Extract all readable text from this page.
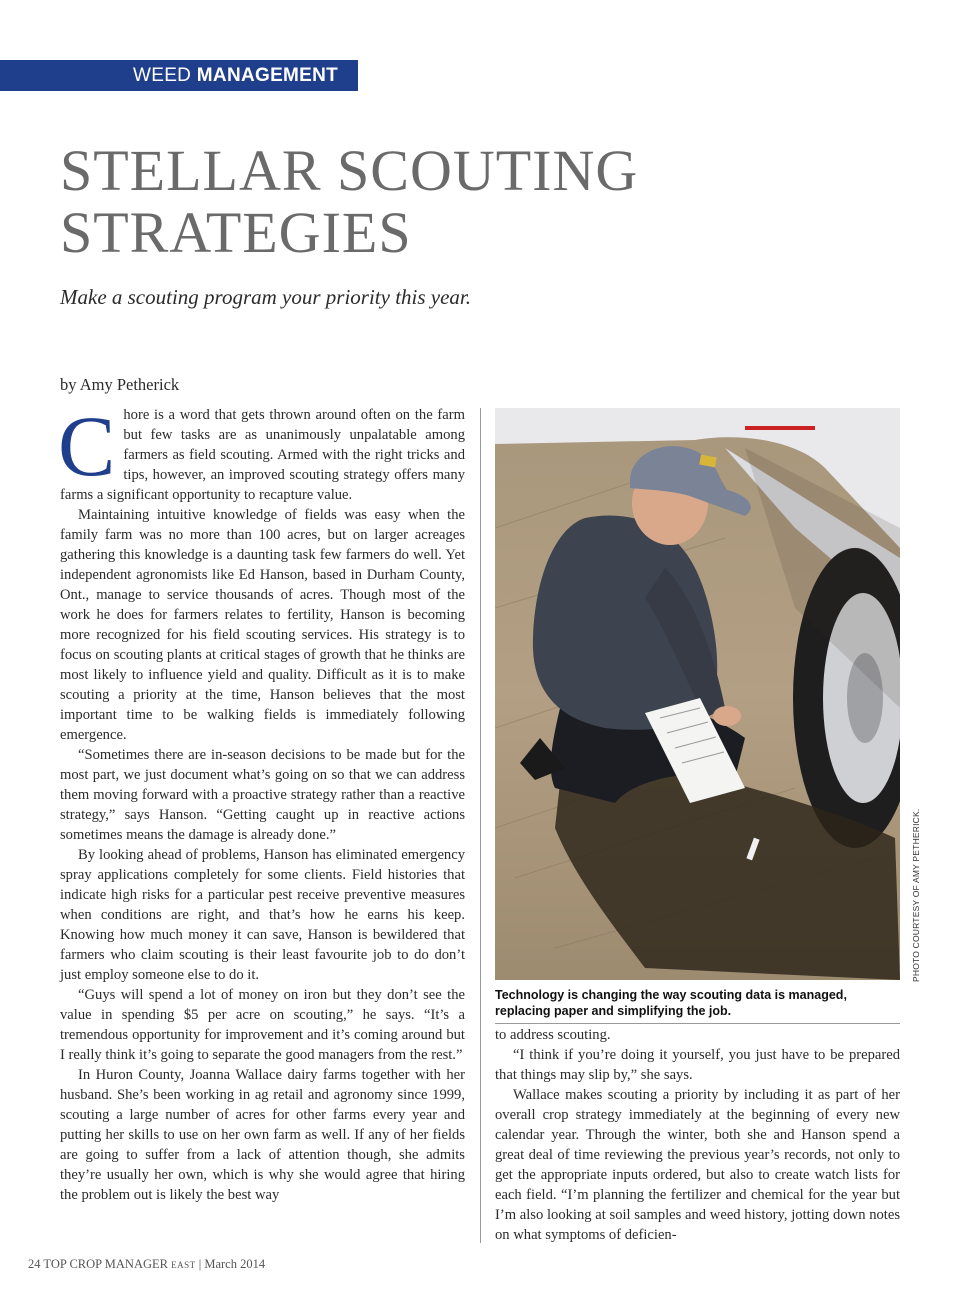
WEED MANAGEMENT
STELLAR SCOUTING
STRATEGIES

Make a scouting program your priority this year.

by Amy Petherick

C hore is a word that gets thrown around often on the farm but few tasks are as unanimously unpalatable among farmers as field scouting. Armed with the right tricks and tips, however, an improved scouting strategy offers many farms a significant opportunity to recapture value.

Maintaining intuitive knowledge of fields was easy when the family farm was no more than 100 acres, but on larger acreages gathering this knowledge is a daunting task few farmers do well. Yet independent agronomists like Ed Hanson, based in Durham County, Ont., manage to service thousands of acres. Though most of the work he does for farmers relates to fertility, Hanson is becoming more recognized for his field scouting services. His strategy is to focus on scouting plants at critical stages of growth that he thinks are most likely to influence yield and quality. Difficult as it is to make scouting a priority at the time, Hanson believes that the most important time to be walking fields is immediately following emergence.

“Sometimes there are in-season decisions to be made but for the most part, we just document what’s going on so that we can address them moving forward with a proactive strategy rather than a reactive strategy,” says Hanson. “Getting caught up in reactive actions sometimes means the damage is already done.”

By looking ahead of problems, Hanson has eliminated emergency spray applications completely for some clients. Field histories that indicate high risks for a particular pest receive preventive measures when conditions are right, and that’s how he earns his keep. Knowing how much money it can save, Hanson is bewildered that farmers who claim scouting is their least favourite job to do don’t just employ someone else to do it.

“Guys will spend a lot of money on iron but they don’t see the value in spending $5 per acre on scouting,” he says. “It’s a tremendous opportunity for improvement and it’s coming around but I really think it’s going to separate the good managers from the rest.”

In Huron County, Joanna Wallace dairy farms together with her husband. She’s been working in ag retail and agronomy since 1999, scouting a large number of acres for other farms every year and putting her skills to use on her own farm as well. If any of her fields are going to suffer from a lack of attention though, she admits they’re usually her own, which is why she would agree that hiring the problem out is likely the best way

PHOTO COURTESY OF AMY PETHERICK.

Technology is changing the way scouting data is managed, replacing paper and simplifying the job.

to address scouting.

“I think if you’re doing it yourself, you just have to be prepared that things may slip by,” she says.

Wallace makes scouting a priority by including it as part of her overall crop strategy immediately at the beginning of every new calendar year. Through the winter, both she and Hanson spend a great deal of time reviewing the previous year’s records, not only to get the appropriate inputs ordered, but also to create watch lists for each field. “I’m planning the fertilizer and chemical for the year but I’m also looking at soil samples and weed history, jotting down notes on what symptoms of deficien-

24 TOP CROP MANAGER EAST | March 2014
